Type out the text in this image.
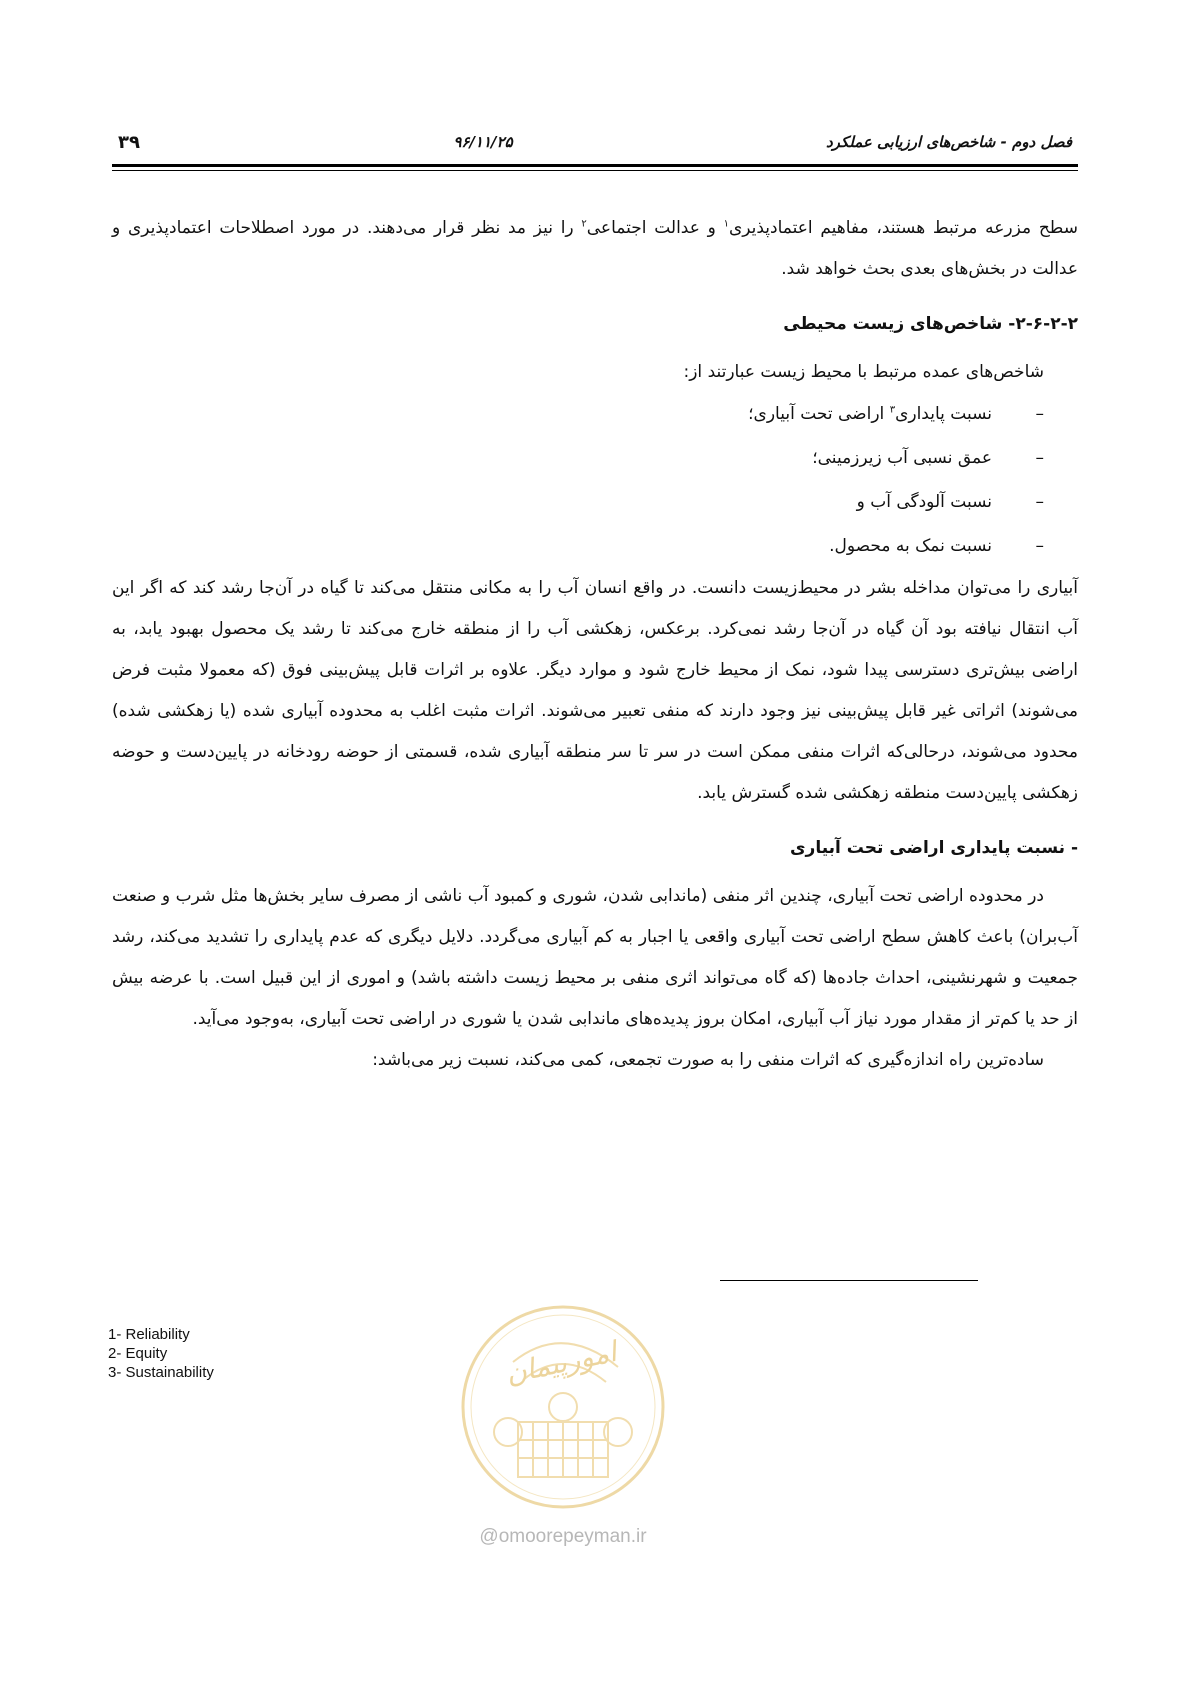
فصل دوم - شاخص‌های ارزیابی عملکرد
۹۶/۱۱/۲۵
۳۹

سطح مزرعه مرتبط هستند، مفاهیم اعتمادپذیری$^۱$ و عدالت اجتماعی$^۲$ را نیز مد نظر قرار می‌دهند. در مورد اصطلاحات اعتمادپذیری و عدالت در بخش‌های بعدی بحث خواهد شد.

۲-۶-۲-۲- شاخص‌های زیست محیطی
شاخص‌های عمده مرتبط با محیط زیست عبارتند از:
–
نسبت پایداری$^۳$ اراضی تحت آبیاری؛
–
عمق نسبی آب زیرزمینی؛
–
نسبت آلودگی آب و
–
نسبت نمک به محصول.

آبیاری را می‌توان مداخله بشر در محیط‌زیست دانست. در واقع انسان آب را به مکانی منتقل می‌کند تا گیاه در آن‌جا رشد کند که اگر این آب انتقال نیافته بود آن گیاه در آن‌جا رشد نمی‌کرد. برعکس، زهکشی آب را از منطقه خارج می‌کند تا رشد یک محصول بهبود یابد، به اراضی بیش‌تری دسترسی پیدا شود، نمک از محیط خارج شود و موارد دیگر. علاوه بر اثرات قابل پیش‌بینی فوق (که معمولا مثبت فرض می‌شوند) اثراتی غیر قابل پیش‌بینی نیز وجود دارند که منفی تعبیر می‌شوند. اثرات مثبت اغلب به محدوده آبیاری شده (یا زهکشی شده) محدود می‌شوند، درحالی‌که اثرات منفی ممکن است در سر تا سر منطقه آبیاری شده، قسمتی از حوضه رودخانه در پایین‌دست و حوضه زهکشی پایین‌دست منطقه زهکشی شده گسترش یابد.

- نسبت پایداری اراضی تحت آبیاری

در محدوده اراضی تحت آبیاری، چندین اثر منفی (ماندابی شدن، شوری و کمبود آب ناشی از مصرف سایر بخش‌ها مثل شرب و صنعت آب‌بران) باعث کاهش سطح اراضی تحت آبیاری واقعی یا اجبار به کم آبیاری می‌گردد. دلایل دیگری که عدم پایداری را تشدید می‌کند، رشد جمعیت و شهرنشینی، احداث جاده‌ها (که گاه می‌تواند اثری منفی بر محیط زیست داشته باشد) و اموری از این قبیل است. با عرضه بیش از حد یا کم‌تر از مقدار مورد نیاز آب آبیاری، امکان بروز پدیده‌های ماندابی شدن یا شوری در اراضی تحت آبیاری، به‌وجود می‌آید.

ساده‌ترین راه اندازه‌گیری که اثرات منفی را به صورت تجمعی، کمی می‌کند، نسبت زیر می‌باشد:

1- Reliability
2- Equity
3- Sustainability	امورپیمان
@omoorepeyman.ir
